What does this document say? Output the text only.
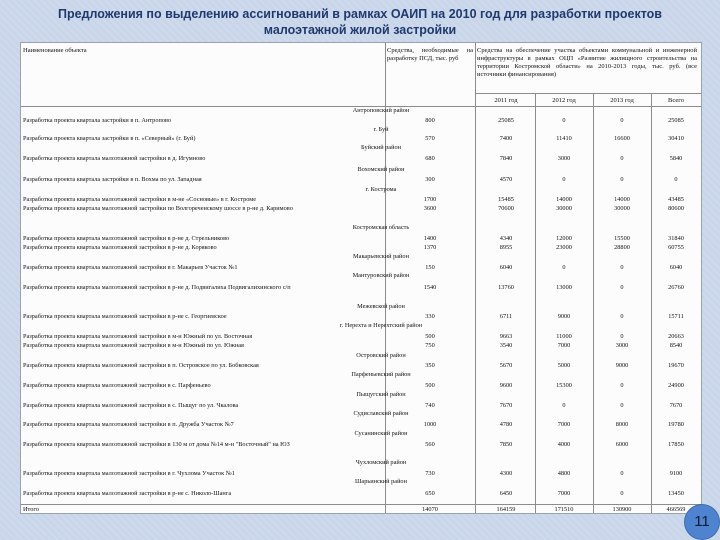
Предложения по выделению ассигнований в рамках ОАИП на 2010 год для разработки проектов
малоэтажной жилой застройки
Наименование объекта	Средства, необходимые на разработку ПСД, тыс. руб
Средства на обеспечение участка объектами коммунальной и инженерной инфраструктуры в рамках ОЦП «Развитие жилищного строительства на территории Костромской области» на 2010-2013 годы, тыс. руб. (все источники финансирования)
2011 год	2012 год	2013 год	Всего
Антроповский район
г. Буй
Буйский район
Вохомский район
г. Кострома
Костромская область
Макарьевский район
Мантуровский район
Межевской район
г. Нерехта и Нерехтский район
Островский район
Парфеньевский район
Пыщугский район
Судиславский район
Сусанинский район
Чухломский район
Шарьинский район
Разработка проекта квартала застройки в п. Антропово	800	25085	0	0	25085
Разработка проекта квартала застройки в п. «Северный» (г. Буй)	570	7400	11410	16600	30410
Разработка проекта квартала малоэтажной застройки в д. Игумново	680	7840	3000	0	5840
Разработка проекта квартала застройки в п. Вохма по ул. Западная	300	4570	0	0	0
Разработка проекта квартала малоэтажной застройки в м-не «Сосновые» в г. Костроме	1700	15485	14000	14000	43485
Разработка проекта квартала малоэтажной застройки по Волгореченскому шоссе в р-не д. Каримово	3600	70600	30000	30000	80600
Разработка проекта квартала малоэтажной застройки в р-не д. Стрельниково	1400	4340	12000	15500	31840
Разработка проекта квартала малоэтажной застройки в р-не д. Коряково	1370	8955	23000	28800	60755
Разработка проекта квартала малоэтажной застройки в г. Макарьев Участок №1	150	6040	0	0	6040
Разработка проекта квартала малоэтажной застройки в р-не д. Подвигалиха Подвигалихинского с/п	1540	13760	13000	0	26760
Разработка проекта квартала малоэтажной застройки в р-не с. Георгиевское	330	6711	9000	0	15711
Разработка проекта квартала малоэтажной застройки в м-н Южный по ул. Восточная	500	9663	11000	0	20663
Разработка проекта квартала малоэтажной застройки в м-н Южный по ул. Южная	750	3540	7000	3000	8540
Разработка проекта квартала малоэтажной застройки в п. Островское по ул. Бобковская	350	5670	5000	9000	19670
Разработка проекта квартала малоэтажной застройки в с. Парфеньево	500	9600	15300	0	24900
Разработка проекта квартала малоэтажной застройки в с. Пыщуг по ул. Чкалова	740	7670	0	0	7670
Разработка проекта квартала малоэтажной застройки в п. Дружба Участок №7	1000	4780	7000	8000	19780
Разработка проекта квартала малоэтажной застройки в 130 м от дома №14 м-н "Восточный" на ЮЗ	560	7850	4000	6000	17850
Разработка проекта квартала малоэтажной застройки в г. Чухлома Участок №1	730	4300	4800	0	9100
Разработка проекта квартала малоэтажной застройки в р-не с. Николо-Шанга	650	6450	7000	0	13450
Итого	14070	164159	171510	130900	466569
11
